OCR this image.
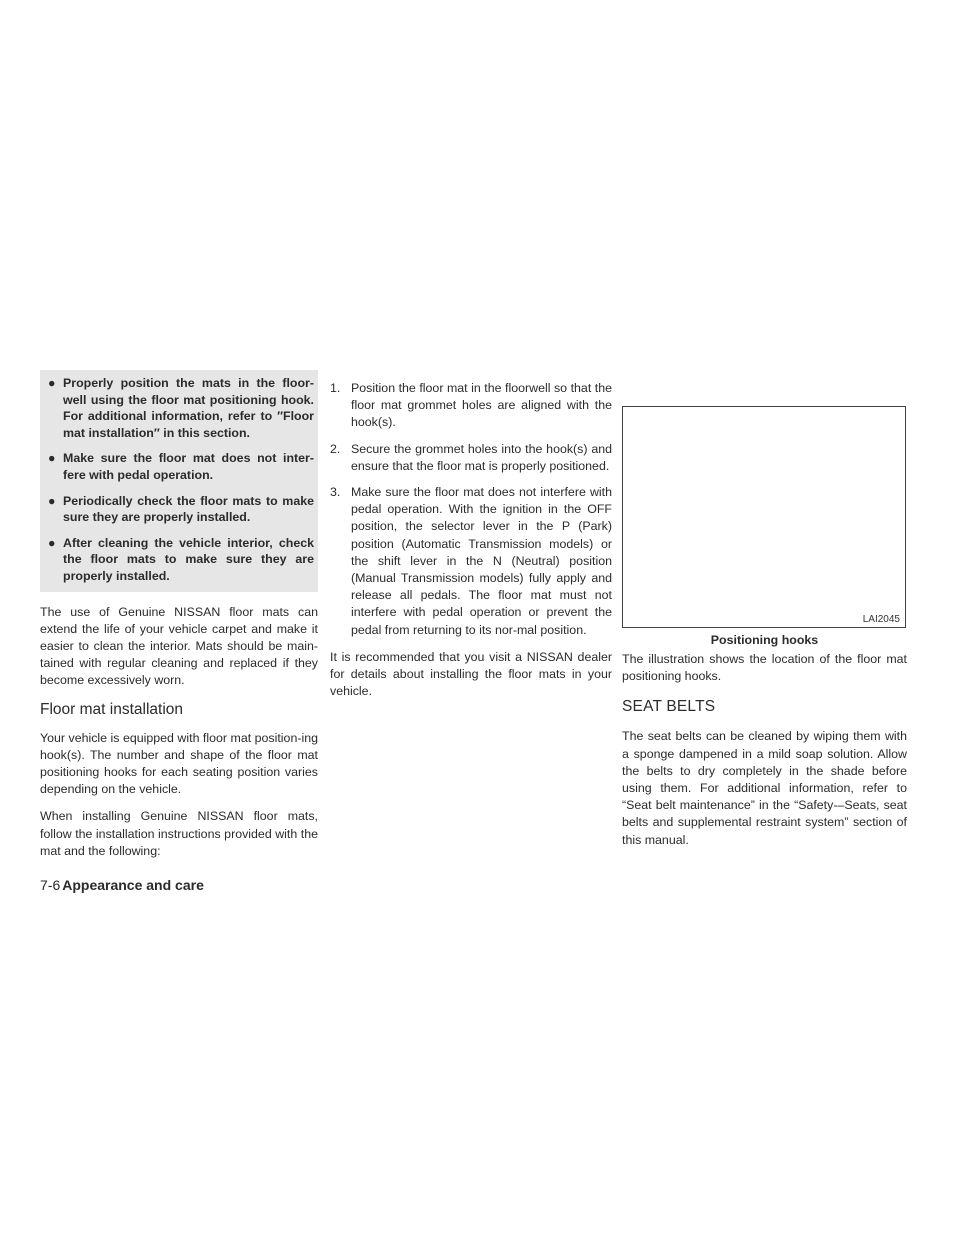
● Properly position the mats in the floor-well using the floor mat positioning hook. For additional information, refer to ″Floor mat installation″ in this section.
● Make sure the floor mat does not inter-fere with pedal operation.
● Periodically check the floor mats to make sure they are properly installed.
● After cleaning the vehicle interior, check the floor mats to make sure they are properly installed.

The use of Genuine NISSAN floor mats can extend the life of your vehicle carpet and make it easier to clean the interior. Mats should be main-tained with regular cleaning and replaced if they become excessively worn.

Floor mat installation

Your vehicle is equipped with floor mat position-ing hook(s). The number and shape of the floor mat positioning hooks for each seating position varies depending on the vehicle.

When installing Genuine NISSAN floor mats, follow the installation instructions provided with the mat and the following:

1. Position the floor mat in the floorwell so that the floor mat grommet holes are aligned with the hook(s).
2. Secure the grommet holes into the hook(s) and ensure that the floor mat is properly positioned.
3. Make sure the floor mat does not interfere with pedal operation. With the ignition in the OFF position, the selector lever in the P (Park) position (Automatic Transmission models) or the shift lever in the N (Neutral) position (Manual Transmission models) fully apply and release all pedals. The floor mat must not interfere with pedal operation or prevent the pedal from returning to its nor-mal position.

It is recommended that you visit a NISSAN dealer for details about installing the floor mats in your vehicle.

LAI2045
Positioning hooks

The illustration shows the location of the floor mat positioning hooks.

SEAT BELTS

The seat belts can be cleaned by wiping them with a sponge dampened in a mild soap solution. Allow the belts to dry completely in the shade before using them. For additional information, refer to “Seat belt maintenance” in the “Safety-–Seats, seat belts and supplemental restraint system” section of this manual.

7-6 Appearance and care
